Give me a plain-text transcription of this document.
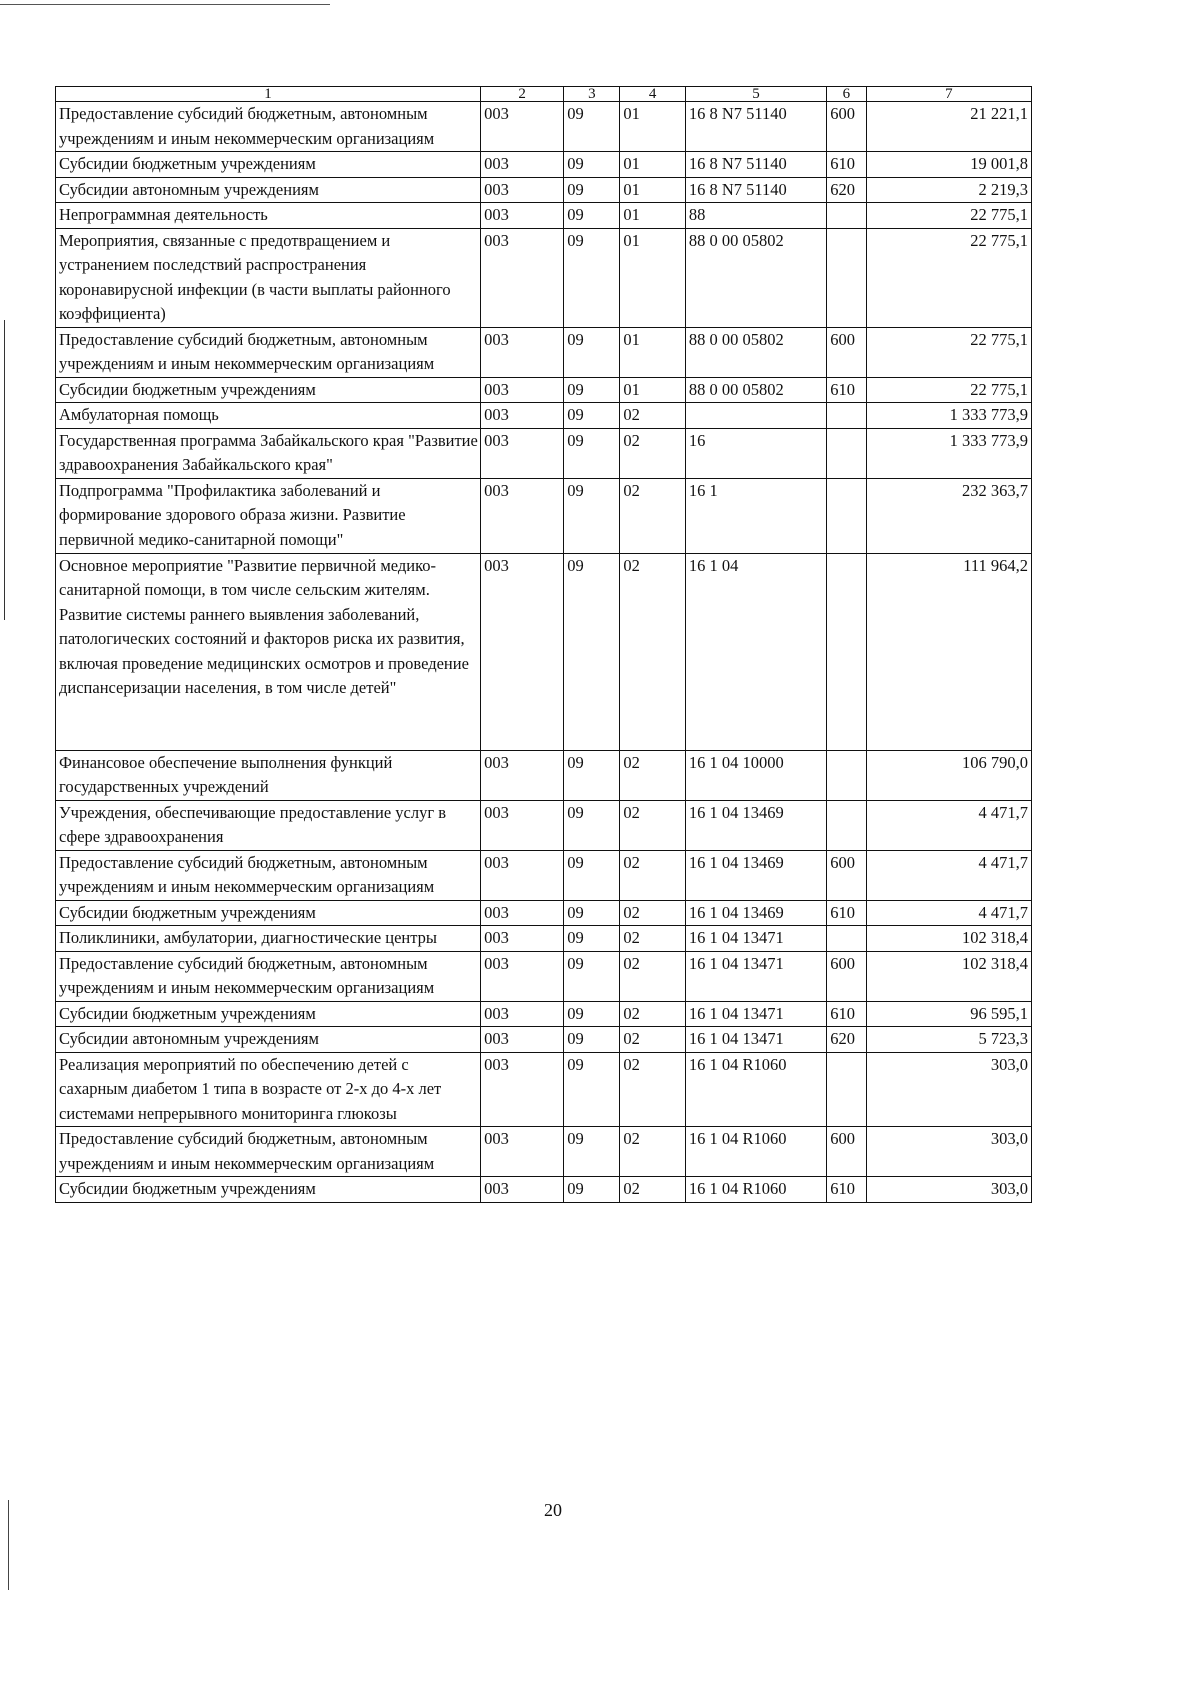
1	2	3	4	5	6	7
Предоставление субсидий бюджетным, автономным учреждениям и иным некоммерческим организациям	003	09	01	16 8 N7 51140	600	21 221,1
Субсидии бюджетным учреждениям	003	09	01	16 8 N7 51140	610	19 001,8
Субсидии автономным учреждениям	003	09	01	16 8 N7 51140	620	2 219,3
Непрограммная деятельность	003	09	01	88		22 775,1
Мероприятия, связанные с предотвращением и устранением последствий распространения коронавирусной инфекции (в части выплаты районного коэффициента)	003	09	01	88 0 00 05802		22 775,1
Предоставление субсидий бюджетным, автономным учреждениям и иным некоммерческим организациям	003	09	01	88 0 00 05802	600	22 775,1
Субсидии бюджетным учреждениям	003	09	01	88 0 00 05802	610	22 775,1
Амбулаторная помощь	003	09	02			1 333 773,9
Государственная программа Забайкальского края "Развитие здравоохранения Забайкальского края"	003	09	02	16		1 333 773,9
Подпрограмма "Профилактика заболеваний и формирование здорового образа жизни. Развитие первичной медико-санитарной помощи"	003	09	02	16 1		232 363,7
Основное мероприятие "Развитие первичной медико-санитарной помощи, в том числе сельским жителям. Развитие системы раннего выявления заболеваний, патологических состояний и факторов риска их развития, включая проведение медицинских осмотров и проведение диспансеризации населения, в том числе детей"	003	09	02	16 1 04		111 964,2
Финансовое обеспечение выполнения функций государственных учреждений	003	09	02	16 1 04 10000		106 790,0
Учреждения, обеспечивающие предоставление услуг в сфере здравоохранения	003	09	02	16 1 04 13469		4 471,7
Предоставление субсидий бюджетным, автономным учреждениям и иным некоммерческим организациям	003	09	02	16 1 04 13469	600	4 471,7
Субсидии бюджетным учреждениям	003	09	02	16 1 04 13469	610	4 471,7
Поликлиники, амбулатории, диагностические центры	003	09	02	16 1 04 13471		102 318,4
Предоставление субсидий бюджетным, автономным учреждениям и иным некоммерческим организациям	003	09	02	16 1 04 13471	600	102 318,4
Субсидии бюджетным учреждениям	003	09	02	16 1 04 13471	610	96 595,1
Субсидии автономным учреждениям	003	09	02	16 1 04 13471	620	5 723,3
Реализация мероприятий по обеспечению детей с сахарным диабетом 1 типа в возрасте от 2-х до 4-х лет системами непрерывного мониторинга глюкозы	003	09	02	16 1 04 R1060		303,0
Предоставление субсидий бюджетным, автономным учреждениям и иным некоммерческим организациям	003	09	02	16 1 04 R1060	600	303,0
Субсидии бюджетным учреждениям	003	09	02	16 1 04 R1060	610	303,0
20
